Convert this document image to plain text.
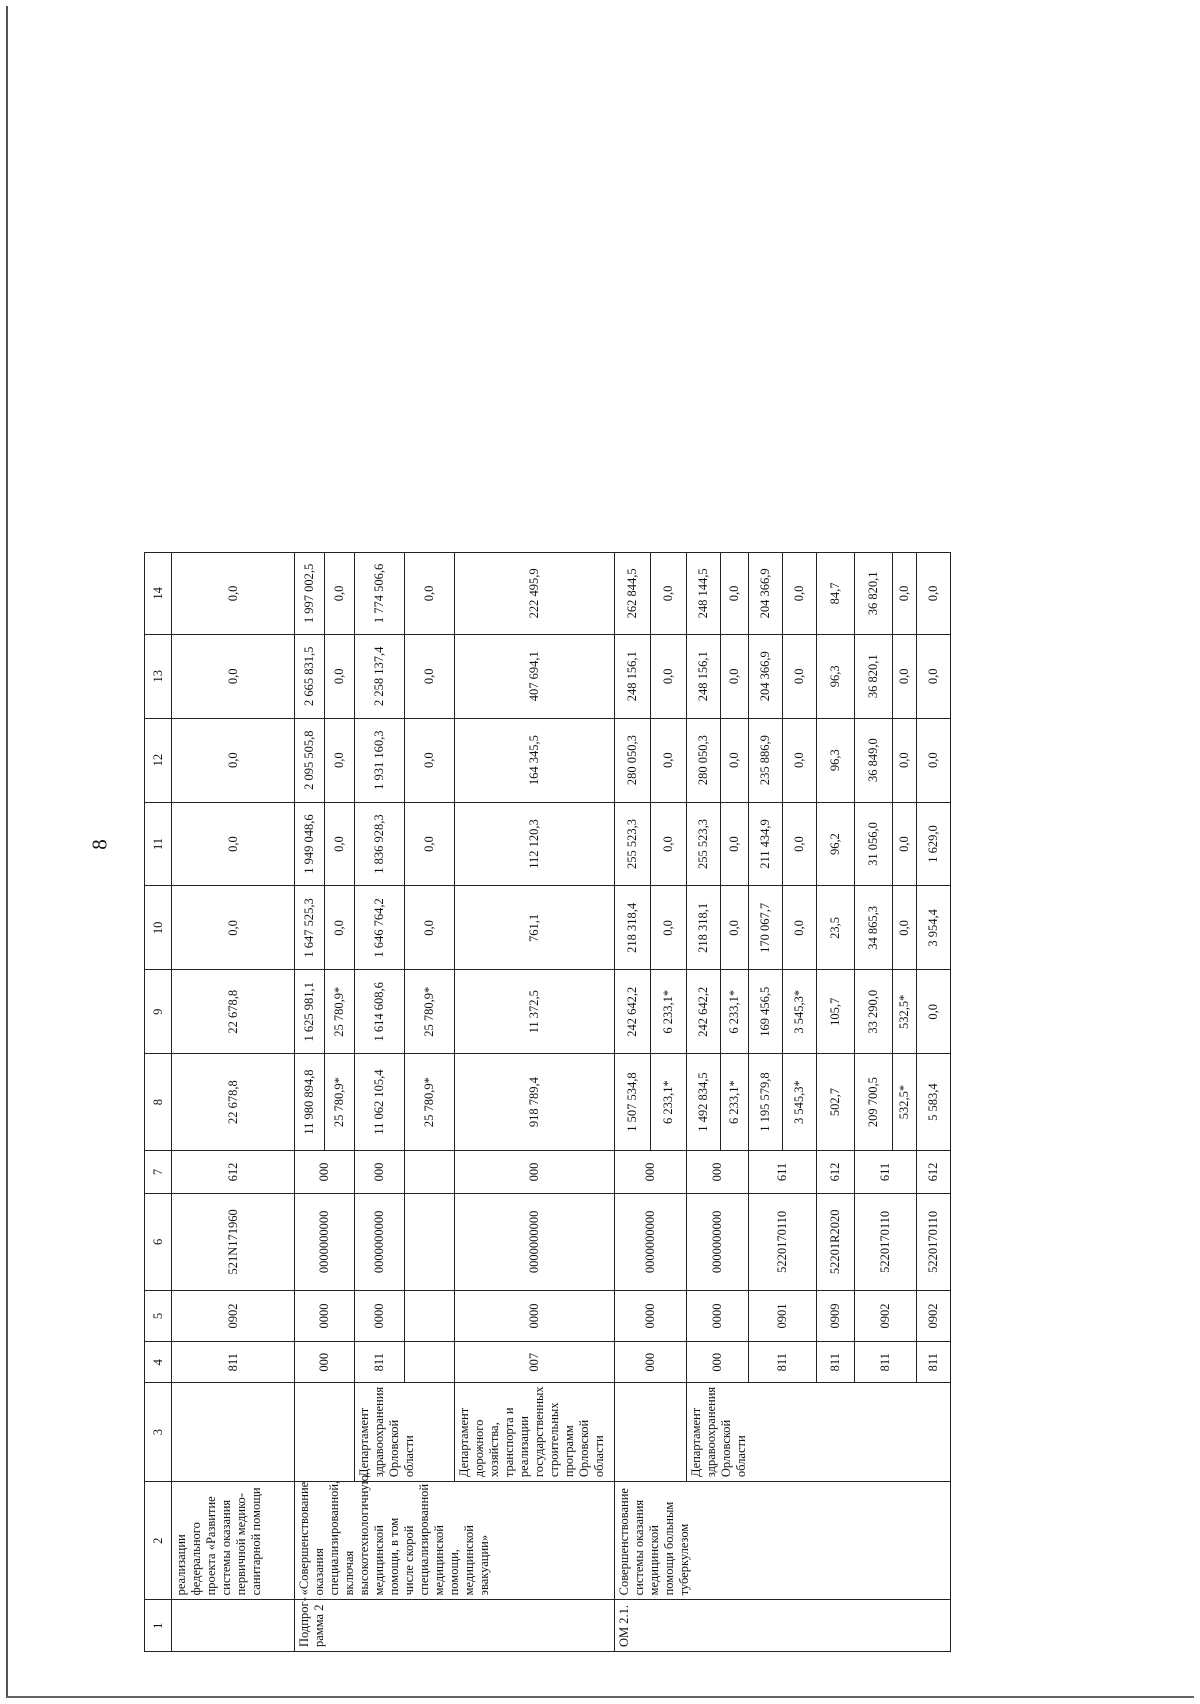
8
1	2	3	4	5	6	7	8	9	10	11	12	13	14
	реализации федерального проекта «Развитие системы оказания первичной медико-санитарной помощи		811	0902	521N171960	612	22 678,8	22 678,8	0,0	0,0	0,0	0,0	0,0
Подпрог-рамма 2	«Совершенствование оказания специализированной, включая высокотехнологичную, медицинской помощи, в том числе скорой специализированной медицинской помощи, медицинской эвакуации»		000	0000	0000000000	000	11 980 894,8	1 625 981,1	1 647 525,3	1 949 048,6	2 095 505,8	2 665 831,5	1 997 002,5
							25 780,9*	25 780,9*	0,0	0,0	0,0	0,0	0,0
		Департамент здравоохранения Орловской области	811	0000	0000000000	000	11 062 105,4	1 614 608,6	1 646 764,2	1 836 928,3	1 931 160,3	2 258 137,4	1 774 506,6
							25 780,9*	25 780,9*	0,0	0,0	0,0	0,0	0,0
		Департамент дорожного хозяйства, транспорта и реализации государственных строительных программ Орловской области	007	0000	0000000000	000	918 789,4	11 372,5	761,1	112 120,3	164 345,5	407 694,1	222 495,9
ОМ 2.1.	Совершенствование системы оказания медицинской помощи больным туберкулезом		000	0000	0000000000	000	1 507 534,8	242 642,2	218 318,4	255 523,3	280 050,3	248 156,1	262 844,5
							6 233,1*	6 233,1*	0,0	0,0	0,0	0,0	0,0
		Департамент здравоохранения Орловской области	000	0000	0000000000	000	1 492 834,5	242 642,2	218 318,1	255 523,3	280 050,3	248 156,1	248 144,5
							6 233,1*	6 233,1*	0,0	0,0	0,0	0,0	0,0
			811	0901	5220170110	611	1 195 579,8	169 456,5	170 067,7	211 434,9	235 886,9	204 366,9	204 366,9
							3 545,3*	3 545,3*	0,0	0,0	0,0	0,0	0,0
			811	0909	52201R2020	612	502,7	105,7	23,5	96,2	96,3	96,3	84,7
			811	0902	5220170110	611	209 700,5	33 290,0	34 865,3	31 056,0	36 849,0	36 820,1	36 820,1
							532,5*	532,5*	0,0	0,0	0,0	0,0	0,0
			811	0902	5220170110	612	5 583,4	0,0	3 954,4	1 629,0	0,0	0,0	0,0
